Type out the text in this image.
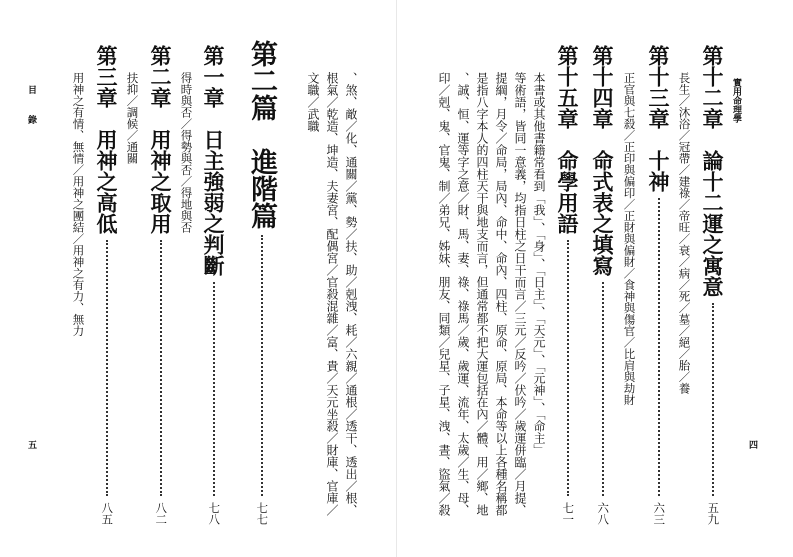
實用命理學
四
第十二章　論十二運之寓意
五九
長生／沐浴／冠帶／建祿／帝旺／衰／病／死／墓／絕／胎／養
第十三章　十神
六三
正官與七殺／正印與偏印／正財與偏財／食神與傷官／比肩與劫財
第十四章　命式表之填寫
六八
第十五章　命學用語
七一
本書或其他書籍常看到「我」、「身」、「日主」、「天元」、「元神」、「命主」
等術語，皆同一意義，均指日柱之日干而言／三元／反吟／伏吟／歲運併臨／月提、
提綱，月令／命局，局內、命中、命內、四柱、原命、原局、本命等以上各種名稱都
是指八字本人的四柱天干與地支而言，但通常都不把大運包括在內／體、用／鄉、地
、誠、恒、運等字之意／財、馬、妻、祿、祿馬／歲、歲運、流年、太歲／生、母、
印／剋、鬼、官鬼、制／弟兄、姊妹、朋友、同類／兒星、子星、洩、晝、盜氣／殺
、煞、敵／化、通關／黨、勢／扶、助／剋洩、耗／六親／通根／透干、透出／根、
根氣／乾造、坤造、夫妻宮、配偶宮／官殺混雜／富、貴／天元坐殺／財庫、官庫／
文職／武職
第二篇　進階篇
七七
第一章　日主強弱之判斷
七八
得時與否／得勢與否／得地與否
第二章　用神之取用
八二
扶抑／調候／通關
第三章　用神之高低
八五
用神之有情、無情／用神之團結／用神之有力、無力
目
錄
五
